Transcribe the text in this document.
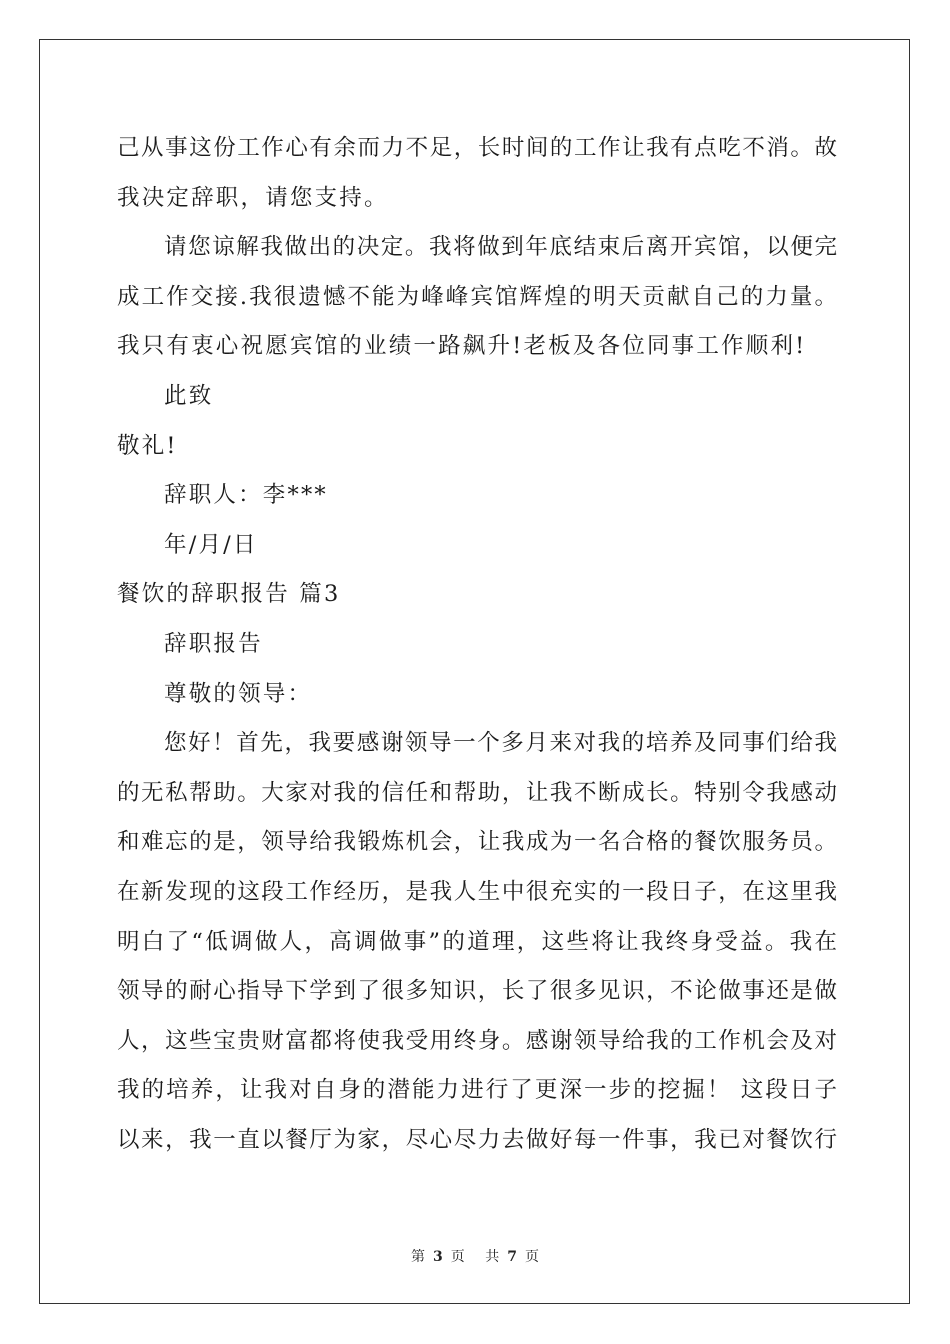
己从事这份工作心有余而力不足，长时间的工作让我有点吃不消。故
我决定辞职，请您支持。
请您谅解我做出的决定。我将做到年底结束后离开宾馆，以便完
成工作交接.我很遗憾不能为峰峰宾馆辉煌的明天贡献自己的力量。
我只有衷心祝愿宾馆的业绩一路飙升!老板及各位同事工作顺利!
此致
敬礼!
辞职人：李***
年/月/日
餐饮的辞职报告 篇3
辞职报告
尊敬的领导：
您好！首先，我要感谢领导一个多月来对我的培养及同事们给我
的无私帮助。大家对我的信任和帮助，让我不断成长。特别令我感动
和难忘的是，领导给我锻炼机会，让我成为一名合格的餐饮服务员。
在新发现的这段工作经历，是我人生中很充实的一段日子，在这里我
明白了“低调做人，高调做事”的道理，这些将让我终身受益。我在
领导的耐心指导下学到了很多知识，长了很多见识，不论做事还是做
人，这些宝贵财富都将使我受用终身。感谢领导给我的工作机会及对
我的培养，让我对自身的潜能力进行了更深一步的挖掘！ 这段日子
以来，我一直以餐厅为家，尽心尽力去做好每一件事，我已对餐饮行
第 3 页 共 7 页
